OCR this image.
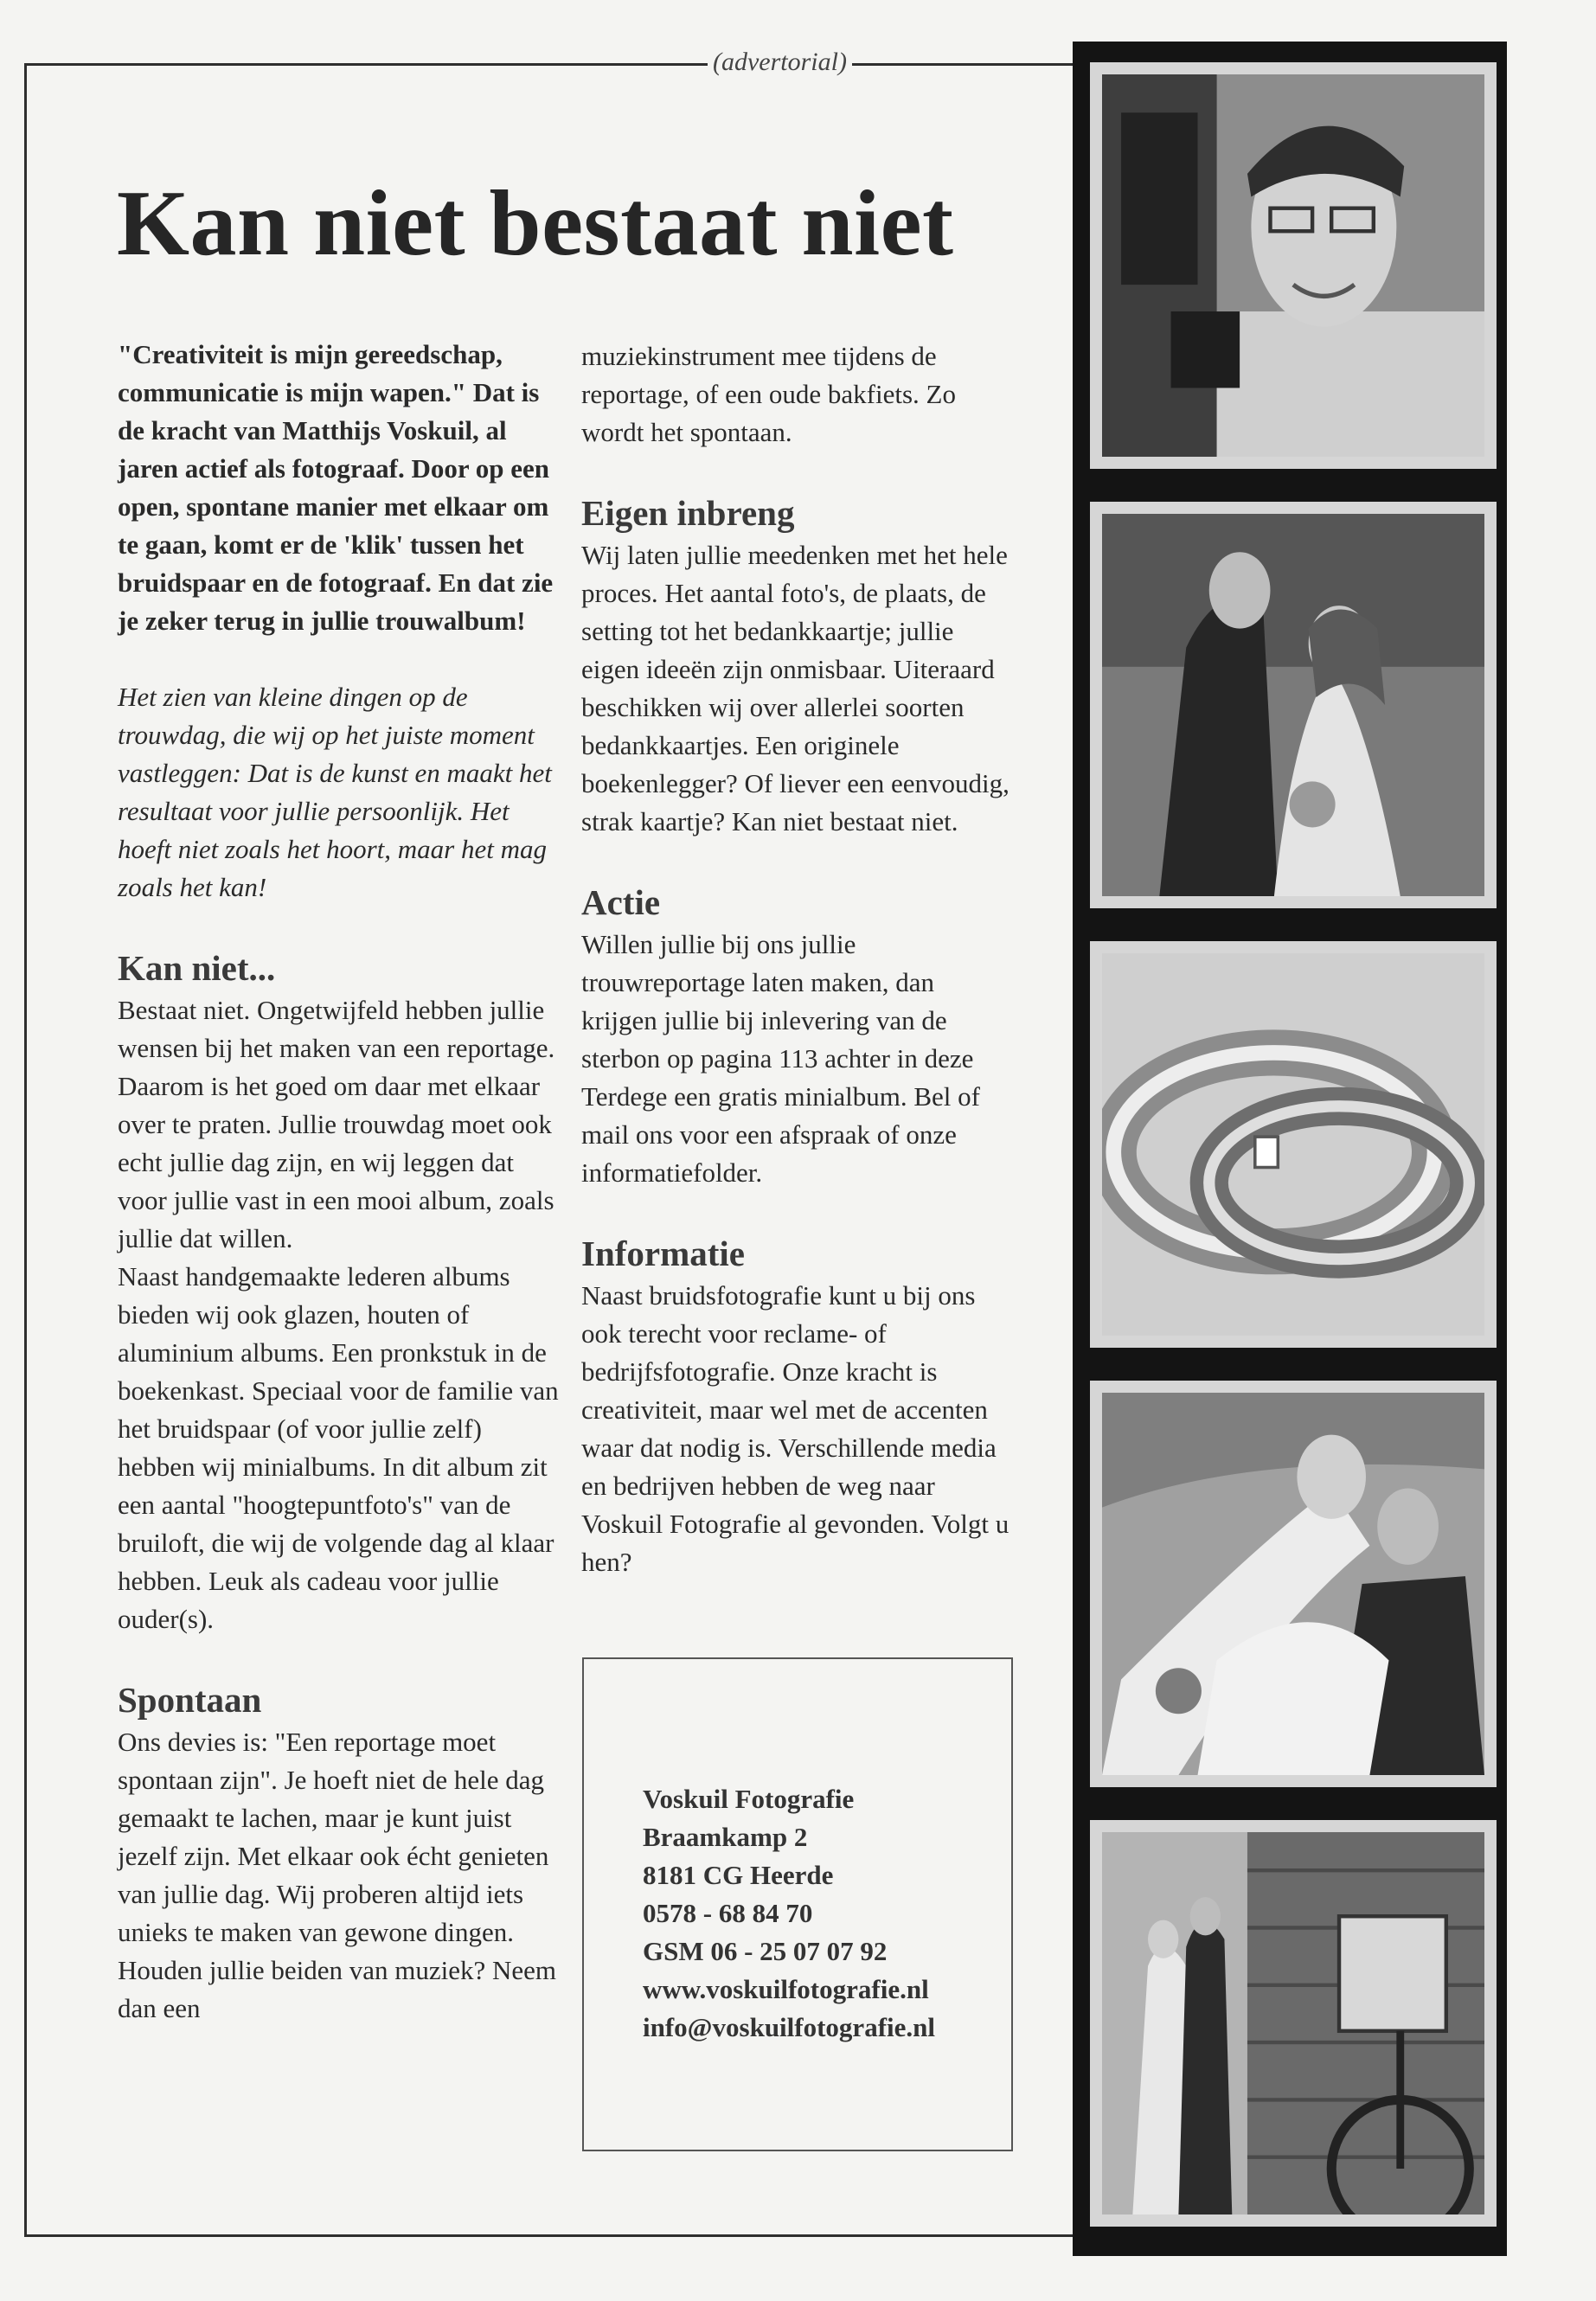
(advertorial)
Kan niet bestaat niet

"Creativiteit is mijn gereedschap, communicatie is mijn wapen." Dat is de kracht van Matthijs Voskuil, al jaren actief als fotograaf. Door op een open, spontane manier met elkaar om te gaan, komt er de 'klik' tussen het bruidspaar en de fotograaf. En dat zie je zeker terug in jullie trouwalbum!

Het zien van kleine dingen op de trouwdag, die wij op het juiste moment vastleggen: Dat is de kunst en maakt het resultaat voor jullie persoonlijk. Het hoeft niet zoals het hoort, maar het mag zoals het kan!

Kan niet...

Bestaat niet. Ongetwijfeld hebben jullie wensen bij het maken van een reportage. Daarom is het goed om daar met elkaar over te praten. Jullie trouwdag moet ook echt jullie dag zijn, en wij leggen dat voor jullie vast in een mooi album, zoals jullie dat willen.

Naast handgemaakte lederen albums bieden wij ook glazen, houten of aluminium albums. Een pronkstuk in de boekenkast. Speciaal voor de familie van het bruidspaar (of voor jullie zelf) hebben wij minialbums. In dit album zit een aantal "hoogtepuntfoto's" van de bruiloft, die wij de volgende dag al klaar hebben. Leuk als cadeau voor jullie ouder(s).

Spontaan

Ons devies is: "Een reportage moet spontaan zijn". Je hoeft niet de hele dag gemaakt te lachen, maar je kunt juist jezelf zijn. Met elkaar ook écht genieten van jullie dag. Wij proberen altijd iets unieks te maken van gewone dingen. Houden jullie beiden van muziek? Neem dan een

muziekinstrument mee tijdens de reportage, of een oude bakfiets. Zo wordt het spontaan.

Eigen inbreng

Wij laten jullie meedenken met het hele proces. Het aantal foto's, de plaats, de setting tot het bedankkaartje; jullie eigen ideeën zijn onmisbaar. Uiteraard beschikken wij over allerlei soorten bedankkaartjes. Een originele boekenlegger? Of liever een eenvoudig, strak kaartje? Kan niet bestaat niet.

Actie

Willen jullie bij ons jullie trouwreportage laten maken, dan krijgen jullie bij inlevering van de sterbon op pagina 113 achter in deze Terdege een gratis minialbum. Bel of mail ons voor een afspraak of onze informatiefolder.

Informatie

Naast bruidsfotografie kunt u bij ons ook terecht voor reclame- of bedrijfsfotografie. Onze kracht is creativiteit, maar wel met de accenten waar dat nodig is. Verschillende media en bedrijven hebben de weg naar Voskuil Fotografie al gevonden. Volgt u hen?

Voskuil Fotografie
Braamkamp 2
8181 CG Heerde
0578 - 68 84 70
GSM 06 - 25 07 07 92
www.voskuilfotografie.nl
info@voskuilfotografie.nl
